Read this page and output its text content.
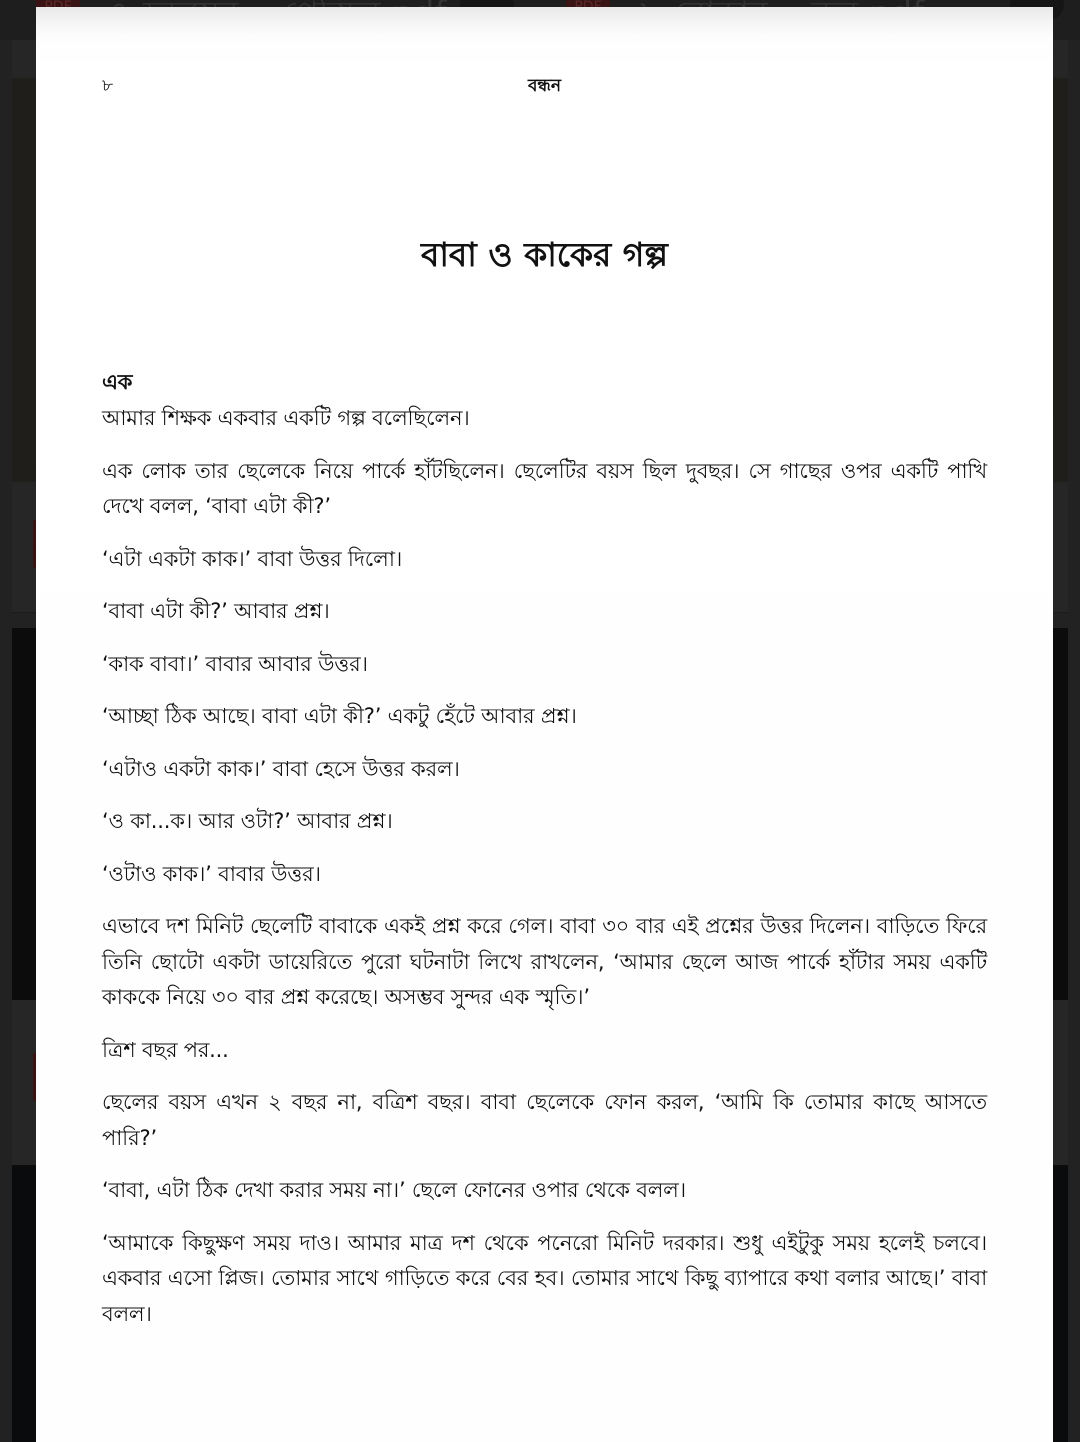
৮	বন্ধন
বাবা ও কাকের গল্প

এক

আমার শিক্ষক একবার একটি গল্প বলেছিলেন।

এক লোক তার ছেলেকে নিয়ে পার্কে হাঁটছিলেন। ছেলেটির বয়স ছিল দুবছর। সে গাছের ওপর একটি পাখি দেখে বলল, ‘বাবা এটা কী?’

‘এটা একটা কাক।’ বাবা উত্তর দিলো।

‘বাবা এটা কী?’ আবার প্রশ্ন।

‘কাক বাবা।’ বাবার আবার উত্তর।

‘আচ্ছা ঠিক আছে। বাবা এটা কী?’ একটু হেঁটে আবার প্রশ্ন।

‘এটাও একটা কাক।’ বাবা হেসে উত্তর করল।

‘ও কা...ক। আর ওটা?’ আবার প্রশ্ন।

‘ওটাও কাক।’ বাবার উত্তর।

এভাবে দশ মিনিট ছেলেটি বাবাকে একই প্রশ্ন করে গেল। বাবা ৩০ বার এই প্রশ্নের উত্তর দিলেন। বাড়িতে ফিরে তিনি ছোটো একটা ডায়েরিতে পুরো ঘটনাটা লিখে রাখলেন, ‘আমার ছেলে আজ পার্কে হাঁটার সময় একটি কাককে নিয়ে ৩০ বার প্রশ্ন করেছে। অসম্ভব সুন্দর এক স্মৃতি।’

ত্রিশ বছর পর...

ছেলের বয়স এখন ২ বছর না, বত্রিশ বছর। বাবা ছেলেকে ফোন করল, ‘আমি কি তোমার কাছে আসতে পারি?’

‘বাবা, এটা ঠিক দেখা করার সময় না।’ ছেলে ফোনের ওপার থেকে বলল।

‘আমাকে কিছুক্ষণ সময় দাও। আমার মাত্র দশ থেকে পনেরো মিনিট দরকার। শুধু এইটুকু সময় হলেই চলবে। একবার এসো প্লিজ। তোমার সাথে গাড়িতে করে বের হব। তোমার সাথে কিছু ব্যাপারে কথা বলার আছে।’ বাবা বলল।
